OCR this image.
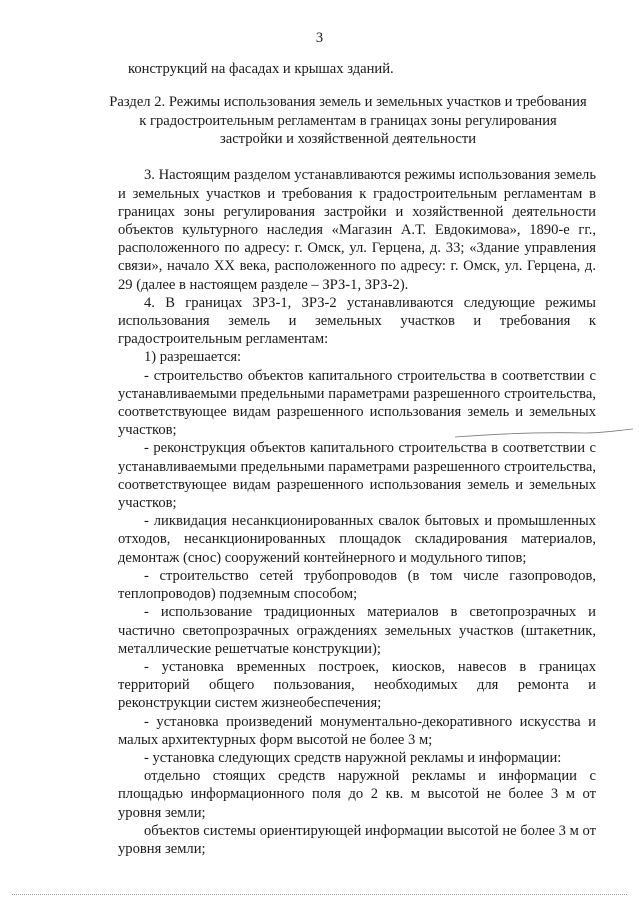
3

конструкций на фасадах и крышах зданий.

Раздел 2. Режимы использования земель и земельных участков и требования
к градостроительным регламентам в границах зоны регулирования
застройки и хозяйственной деятельности

3. Настоящим разделом устанавливаются режимы использования земель и земельных участков и требования к градостроительным регламентам в границах зоны регулирования застройки и хозяйственной деятельности объектов культурного наследия «Магазин А.Т. Евдокимова», 1890-е гг., расположенного по адресу: г. Омск, ул. Герцена, д. 33; «Здание управления связи», начало XX века, расположенного по адресу: г. Омск, ул. Герцена, д. 29 (далее в настоящем разделе – ЗРЗ-1, ЗРЗ-2).

4. В границах ЗРЗ-1, ЗРЗ-2 устанавливаются следующие режимы использования земель и земельных участков и требования к градостроительным регламентам:

1) разрешается:

- строительство объектов капитального строительства в соответствии с устанавливаемыми предельными параметрами разрешенного строительства, соответствующее видам разрешенного использования земель и земельных участков;

- реконструкция объектов капитального строительства в соответствии с устанавливаемыми предельными параметрами разрешенного строительства, соответствующее видам разрешенного использования земель и земельных участков;

- ликвидация несанкционированных свалок бытовых и промышленных отходов, несанкционированных площадок складирования материалов, демонтаж (снос) сооружений контейнерного и модульного типов;

- строительство сетей трубопроводов (в том числе газопроводов, теплопроводов) подземным способом;

- использование традиционных материалов в светопрозрачных и частично светопрозрачных ограждениях земельных участков (штакетник, металлические решетчатые конструкции);

- установка временных построек, киосков, навесов в границах территорий общего пользования, необходимых для ремонта и реконструкции систем жизнеобеспечения;

- установка произведений монументально-декоративного искусства и малых архитектурных форм высотой не более 3 м;

- установка следующих средств наружной рекламы и информации:

отдельно стоящих средств наружной рекламы и информации с площадью информационного поля до 2 кв. м высотой не более 3 м от уровня земли;

объектов системы ориентирующей информации высотой не более 3 м от уровня земли;
